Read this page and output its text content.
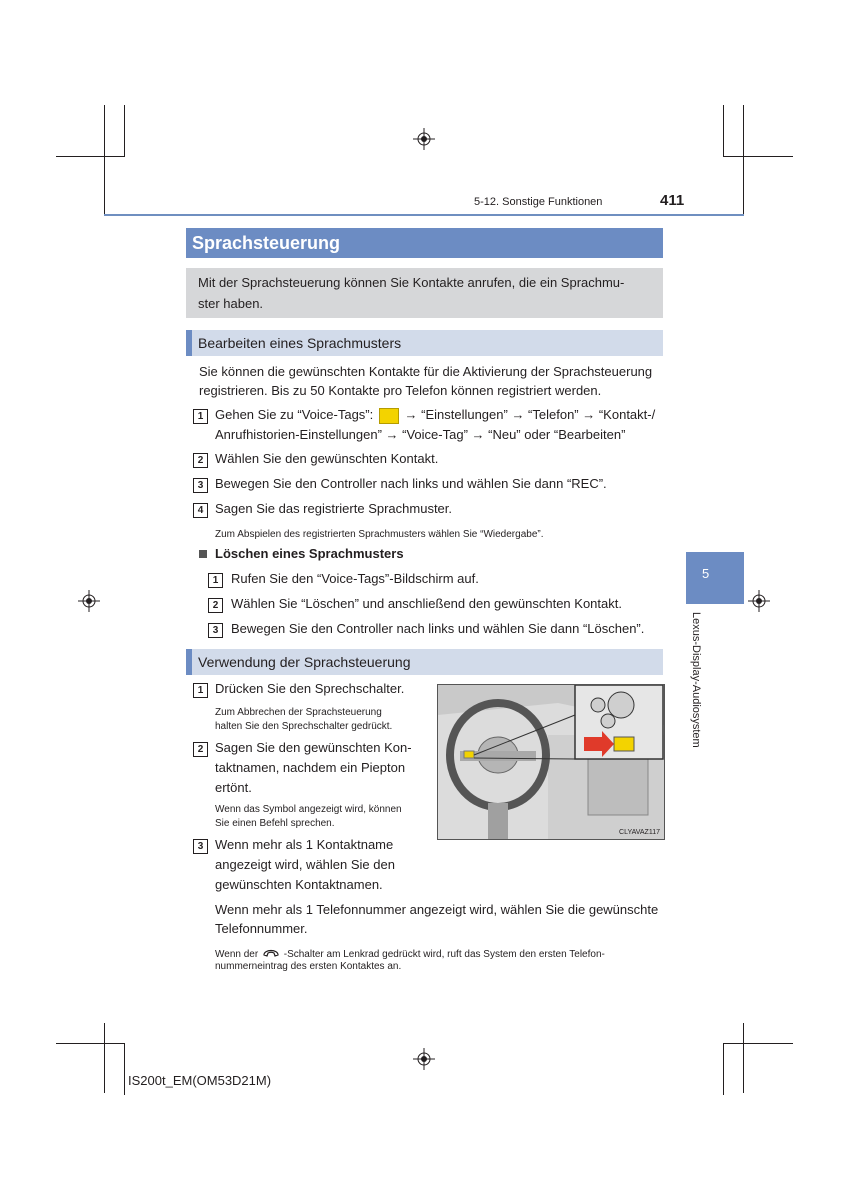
5-12. Sonstige Funktionen	411
Sprachsteuerung
Mit der Sprachsteuerung können Sie Kontakte anrufen, die ein Sprachmu-
ster haben.
Bearbeiten eines Sprachmusters
Sie können die gewünschten Kontakte für die Aktivierung der Sprachsteuerung
registrieren. Bis zu 50 Kontakte pro Telefon können registriert werden.
1 Gehen Sie zu “Voice-Tags”: → “Einstellungen” → “Telefon” → “Kontakt-/
Anrufhistorien-Einstellungen” → “Voice-Tag” → “Neu” oder “Bearbeiten”
2 Wählen Sie den gewünschten Kontakt.
3 Bewegen Sie den Controller nach links und wählen Sie dann “REC”.
4 Sagen Sie das registrierte Sprachmuster.
Zum Abspielen des registrierten Sprachmusters wählen Sie “Wiedergabe”.
Löschen eines Sprachmusters
1 Rufen Sie den “Voice-Tags”-Bildschirm auf.
2 Wählen Sie “Löschen” und anschließend den gewünschten Kontakt.
3 Bewegen Sie den Controller nach links und wählen Sie dann “Löschen”.
Verwendung der Sprachsteuerung
1 Drücken Sie den Sprechschalter.
Zum Abbrechen der Sprachsteuerung
halten Sie den Sprechschalter gedrückt.
2 Sagen Sie den gewünschten Kon-
taktnamen, nachdem ein Piepton
ertönt.
Wenn das Symbol angezeigt wird, können
Sie einen Befehl sprechen.
3 Wenn mehr als 1 Kontaktname
angezeigt wird, wählen Sie den
gewünschten Kontaktnamen.
Wenn mehr als 1 Telefonnummer angezeigt wird, wählen Sie die gewünschte
Telefonnummer.
Wenn der	-Schalter am Lenkrad gedrückt wird, ruft das System den ersten Telefon-
nummerneintrag des ersten Kontaktes an.
CLYAVAZ117
5
Lexus-Display-Audiosystem
IS200t_EM(OM53D21M)
